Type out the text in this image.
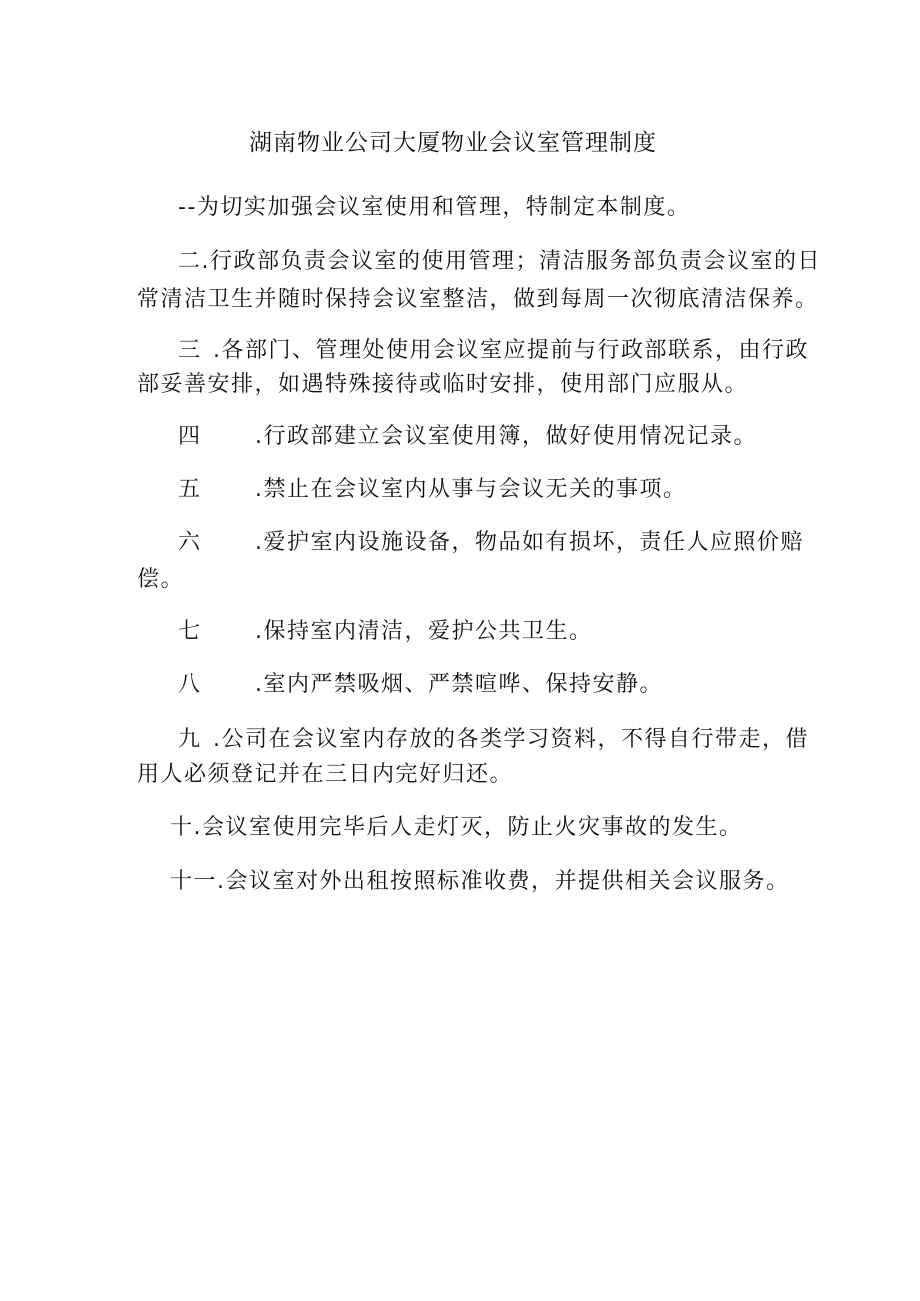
湖南物业公司大厦物业会议室管理制度
--为切实加强会议室使用和管理，特制定本制度。
二.行政部负责会议室的使用管理；清洁服务部负责会议室的日
常清洁卫生并随时保持会议室整洁，做到每周一次彻底清洁保养。
三 .各部门、管理处使用会议室应提前与行政部联系，由行政
部妥善安排，如遇特殊接待或临时安排，使用部门应服从。
四 .行政部建立会议室使用簿，做好使用情况记录。
五 .禁止在会议室内从事与会议无关的事项。
六 .爱护室内设施设备，物品如有损坏，责任人应照价赔
偿。
七 .保持室内清洁，爱护公共卫生。
八 .室内严禁吸烟、严禁喧哗、保持安静。
九 .公司在会议室内存放的各类学习资料，不得自行带走，借
用人必须登记并在三日内完好归还。
十.会议室使用完毕后人走灯灭，防止火灾事故的发生。
十一.会议室对外出租按照标准收费，并提供相关会议服务。
